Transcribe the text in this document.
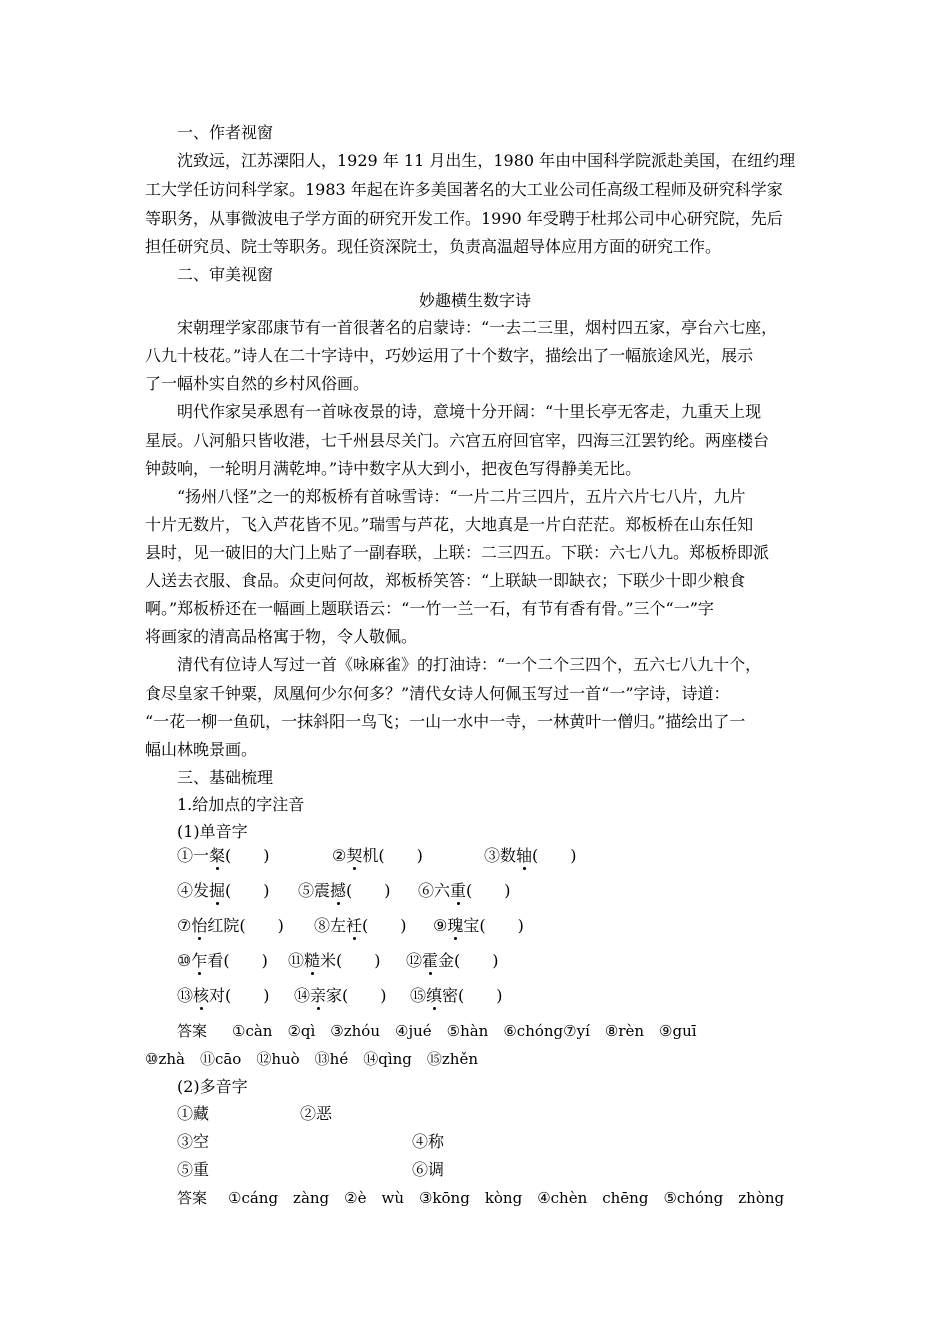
一、作者视窗
沈致远，江苏溧阳人，1929 年 11 月出生，1980 年由中国科学院派赴美国，在纽约理
工大学任访问科学家。1983 年起在许多美国著名的大工业公司任高级工程师及研究科学家
等职务，从事微波电子学方面的研究开发工作。1990 年受聘于杜邦公司中心研究院，先后
担任研究员、院士等职务。现任资深院士，负责高温超导体应用方面的研究工作。
二、审美视窗
妙趣横生数字诗
宋朝理学家邵康节有一首很著名的启蒙诗：“一去二三里，烟村四五家，亭台六七座，
八九十枝花。”诗人在二十字诗中，巧妙运用了十个数字，描绘出了一幅旅途风光，展示
了一幅朴实自然的乡村风俗画。
明代作家吴承恩有一首咏夜景的诗，意境十分开阔：“十里长亭无客走，九重天上现
星辰。八河船只皆收港，七千州县尽关门。六宫五府回官宰，四海三江罢钓纶。两座楼台
钟鼓响，一轮明月满乾坤。”诗中数字从大到小，把夜色写得静美无比。
“扬州八怪”之一的郑板桥有首咏雪诗：“一片二片三四片，五片六片七八片，九片
十片无数片，飞入芦花皆不见。”瑞雪与芦花，大地真是一片白茫茫。郑板桥在山东任知
县时，见一破旧的大门上贴了一副春联，上联：二三四五。下联：六七八九。郑板桥即派
人送去衣服、食品。众吏问何故，郑板桥笑答：“上联缺一即缺衣；下联少十即少粮食
啊。”郑板桥还在一幅画上题联语云：“一竹一兰一石，有节有香有骨。”三个“一”字
将画家的清高品格寓于物，令人敬佩。
清代有位诗人写过一首《咏麻雀》的打油诗：“一个二个三四个，五六七八九十个，
食尽皇家千钟粟，凤凰何少尔何多？”清代女诗人何佩玉写过一首“一”字诗，诗道：
“一花一柳一鱼矶，一抹斜阳一鸟飞；一山一水中一寺，一林黄叶一僧归。”描绘出了一
幅山林晚景画。
三、基础梳理
1.给加点的字注音
(1)单音字
①一粲(　　)	②契机(　　)	③数轴(　　)
④发掘(　　) ⑤震撼(　　) ⑥六重(　　)
⑦怡红院(　　) ⑧左衽(　　) ⑨瑰宝(　　)
⑩乍看(　　) ⑪糙米(　　) ⑫霍金(　　)
⑬核对(　　) ⑭亲家(　　) ⑮缜密(　　)
答案 ①càn　②qì　③zhóu　④jué　⑤hàn　⑥chóng⑦yí　⑧rèn　⑨guī
⑩zhà　⑪cāo　⑫huò　⑬hé　⑭qìng　⑮zhěn
(2)多音字
①藏	②恶
③空	④称
⑤重	⑥调
答案 ①cáng　zàng　②è　wù　③kōng　kòng　④chèn　chēng　⑤chóng　zhòng
